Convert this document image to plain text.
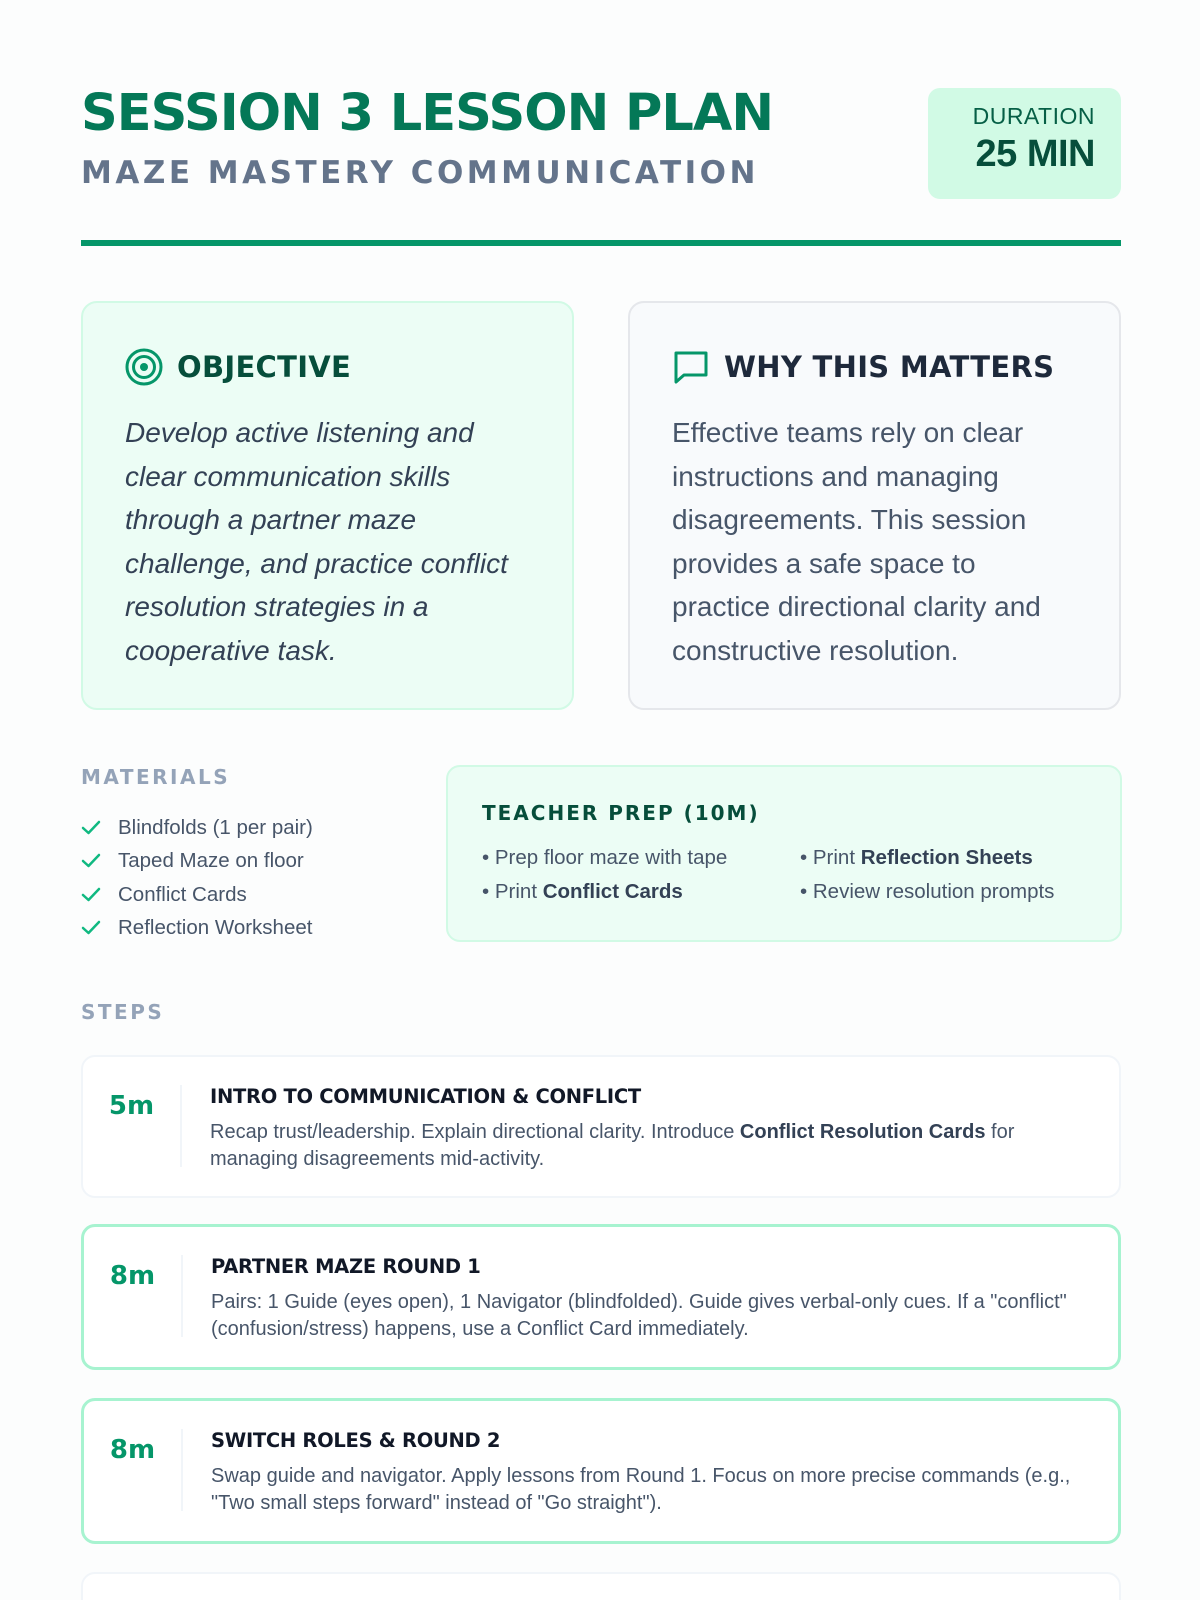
SESSION 3 LESSON PLAN
MAZE MASTERY COMMUNICATION
DURATION
25 MIN
OBJECTIVE

Develop active listening and clear communication skills through a partner maze challenge, and practice conflict resolution strategies in a cooperative task.

WHY THIS MATTERS

Effective teams rely on clear instructions and managing disagreements. This session provides a safe space to practice directional clarity and constructive resolution.

MATERIALS
Blindfolds (1 per pair)
Taped Maze on floor
Conflict Cards
Reflection Worksheet
TEACHER PREP (10M)
• Prep floor maze with tape	• Print Reflection Sheets
• Print Conflict Cards	• Review resolution prompts
STEPS
5m	INTRO TO COMMUNICATION & CONFLICT
Recap trust/leadership. Explain directional clarity. Introduce Conflict Resolution Cards for managing disagreements mid-activity.
8m	PARTNER MAZE ROUND 1
Pairs: 1 Guide (eyes open), 1 Navigator (blindfolded). Guide gives verbal-only cues. If a "conflict" (confusion/stress) happens, use a Conflict Card immediately.
8m	SWITCH ROLES & ROUND 2
Swap guide and navigator. Apply lessons from Round 1. Focus on more precise commands (e.g., "Two small steps forward" instead of "Go straight").
